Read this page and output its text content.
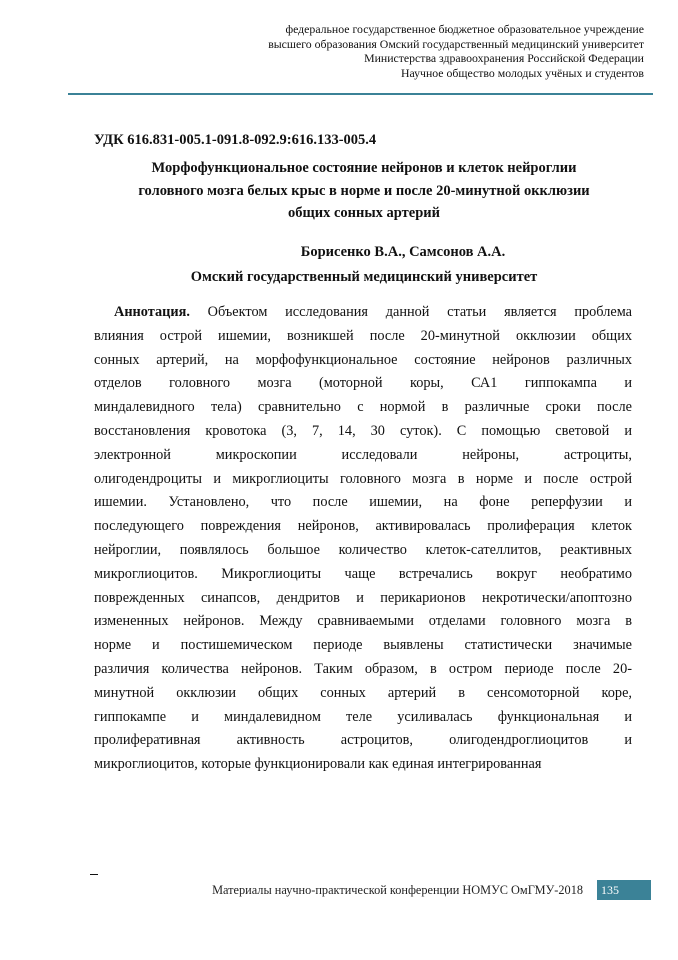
федеральное государственное бюджетное образовательное учреждение
высшего образования Омский государственный медицинский университет
Министерства здравоохранения Российской Федерации
Научное общество молодых учёных и студентов
УДК 616.831-005.1-091.8-092.9:616.133-005.4
Морфофункциональное состояние нейронов и клеток нейроглии
головного мозга белых крыс в норме и после 20-минутной окклюзии
общих сонных артерий
Борисенко В.А., Самсонов А.А.
Омский государственный медицинский университет
Аннотация. Объектом исследования данной статьи является проблема
влияния острой ишемии, возникшей после 20-минутной окклюзии общих
сонных артерий, на морфофункциональное состояние нейронов различных
отделов головного мозга (моторной коры, СА1 гиппокампа и
миндалевидного тела) сравнительно с нормой в различные сроки после
восстановления кровотока (3, 7, 14, 30 суток). С помощью световой и
электронной микроскопии исследовали нейроны, астроциты,
олигодендроциты и микроглиоциты головного мозга в норме и после острой
ишемии. Установлено, что после ишемии, на фоне реперфузии и
последующего повреждения нейронов, активировалась пролиферация клеток
нейроглии, появлялось большое количество клеток-сателлитов, реактивных
микроглиоцитов. Микроглиоциты чаще встречались вокруг необратимо
поврежденных синапсов, дендритов и перикарионов некротически/апоптозно
измененных нейронов. Между сравниваемыми отделами головного мозга в
норме и постишемическом периоде выявлены статистически значимые
различия количества нейронов. Таким образом, в остром периоде после 20-
минутной окклюзии общих сонных артерий в сенсомоторной коре,
гиппокампе и миндалевидном теле усиливалась функциональная и
пролиферативная активность астроцитов, олигодендроглиоцитов и
микроглиоцитов, которые функционировали как единая интегрированная
Материалы научно-практической конференции НОМУС ОмГМУ-2018	135
